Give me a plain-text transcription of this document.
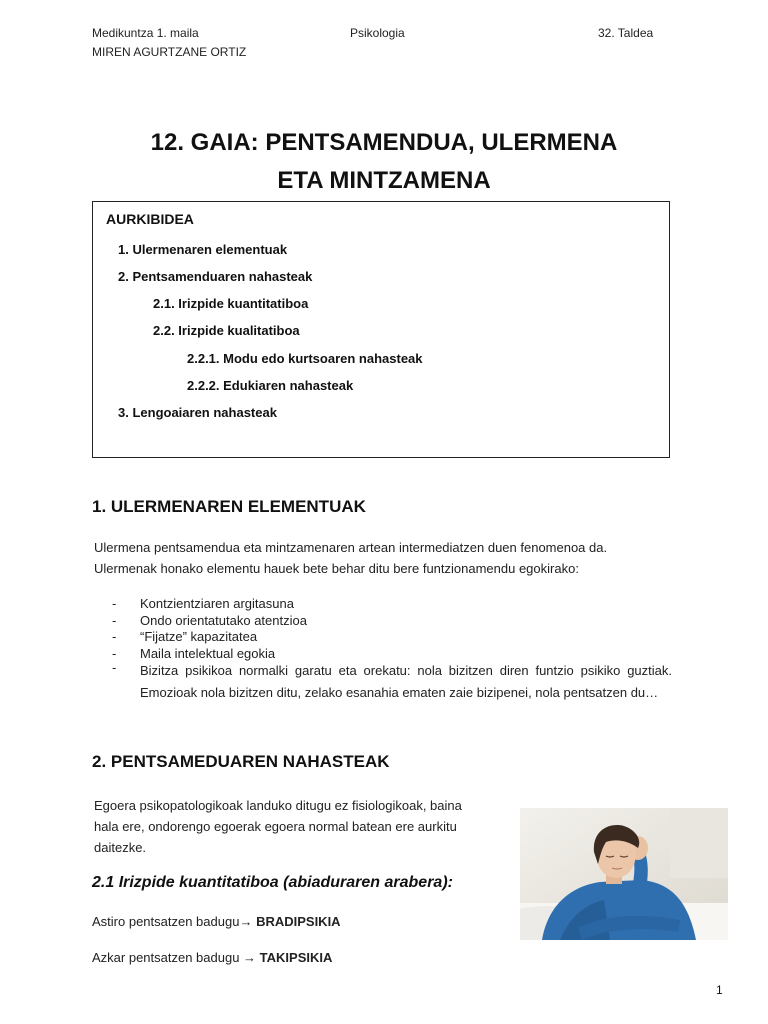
Medikuntza 1. maila
MIREN AGURTZANE ORTIZ
Psikologia	32. Taldea
12. GAIA: PENTSAMENDUA, ULERMENA
ETA MINTZAMENA
AURKIBIDEA
1. Ulermenaren elementuak
2. Pentsamenduaren nahasteak
2.1. Irizpide kuantitatiboa
2.2. Irizpide kualitatiboa
2.2.1. Modu edo kurtsoaren nahasteak
2.2.2. Edukiaren nahasteak
3. Lengoaiaren nahasteak
1. ULERMENAREN ELEMENTUAK
Ulermena pentsamendua eta mintzamenaren artean intermediatzen duen fenomenoa da.
Ulermenak honako elementu hauek bete behar ditu bere funtzionamendu egokirako:
-	Kontzientziaren argitasuna
-	Ondo orientatutako atentzioa
-	“Fijatze” kapazitatea
-	Maila intelektual egokia
-	Bizitza psikikoa normalki garatu eta orekatu: nola bizitzen diren funtzio psikiko guztiak. Emozioak nola bizitzen ditu, zelako esanahia ematen zaie bizipenei, nola pentsatzen du…
2. PENTSAMEDUAREN NAHASTEAK
Egoera psikopatologikoak landuko ditugu ez fisiologikoak, baina
hala ere, ondorengo egoerak egoera normal batean ere aurkitu
daitezke.
2.1 Irizpide kuantitatiboa (abiaduraren arabera):
Astiro pentsatzen badugu→ BRADIPSIKIA
Azkar pentsatzen badugu → TAKIPSIKIA
1
